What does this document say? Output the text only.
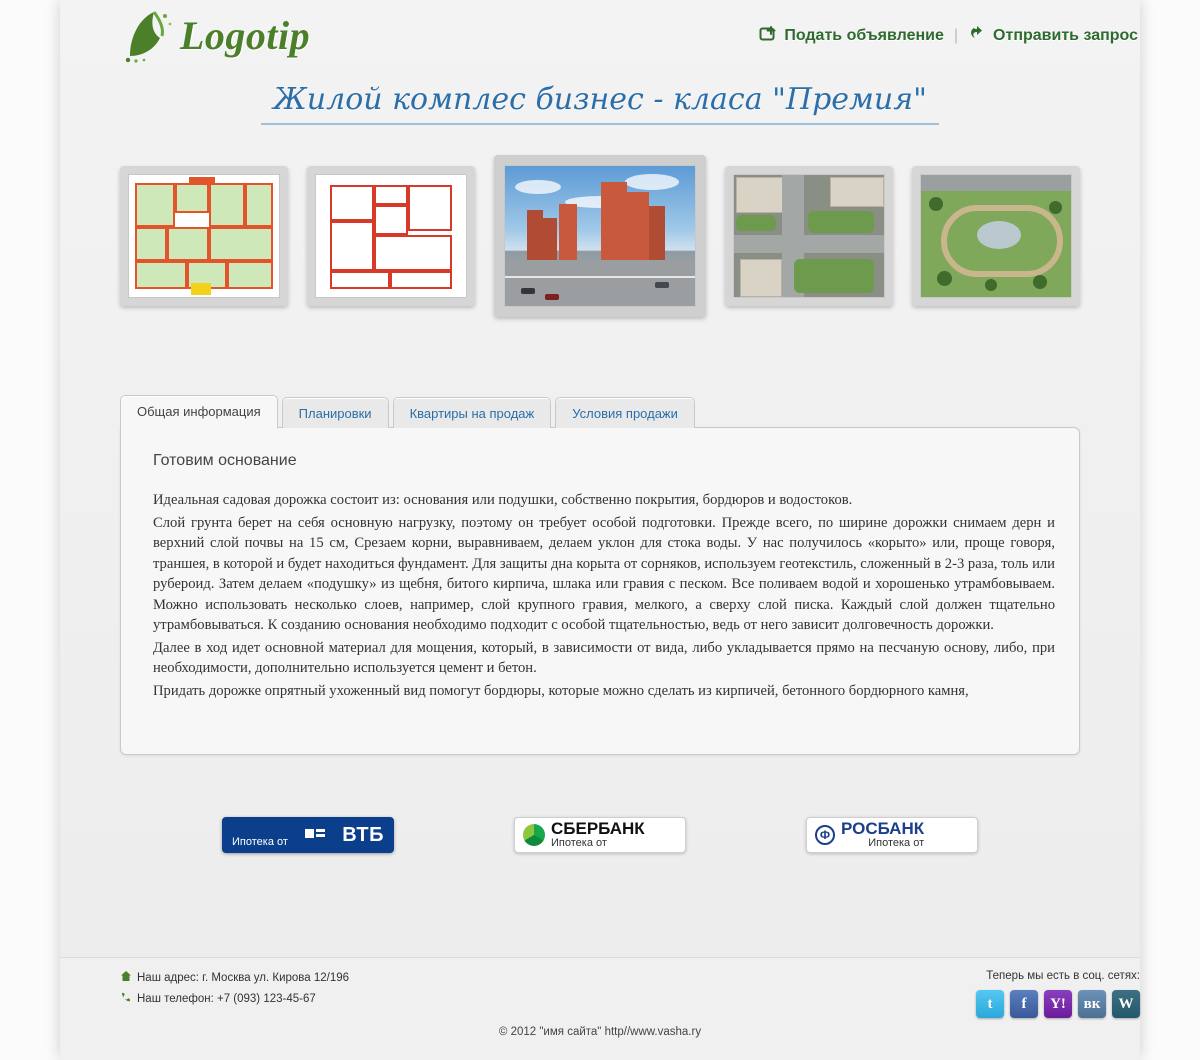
Logotip	Подать объявление | Отправить запрос
Жилой комплес бизнес - класа "Премия"
Общая информация	Планировки	Квартиры на продаж	Условия продажи
Готовим основание

Идеальная садовая дорожка состоит из: основания или подушки, собственно покрытия, бордюров и водостоков.

Слой грунта берет на себя основную нагрузку, поэтому он требует особой подготовки. Прежде всего, по ширине дорожки снимаем дерн и верхний слой почвы на 15 см, Срезаем корни, выравниваем, делаем уклон для стока воды. У нас получилось «корыто» или, проще говоря, траншея, в которой и будет находиться фундамент. Для защиты дна корыта от сорняков, используем геотекстиль, сложенный в 2-3 раза, толь или рубероид. Затем делаем «подушку» из щебня, битого кирпича, шлака или гравия с песком. Все поливаем водой и хорошенько утрамбовываем. Можно использовать несколько слоев, например, слой крупного гравия, мелкого, а сверху слой писка. Каждый слой должен тщательно утрамбовываться. К созданию основания необходимо подходит с особой тщательностью, ведь от него зависит долговечность дорожки.

Далее в ход идет основной материал для мощения, который, в зависимости от вида, либо укладывается прямо на песчаную основу, либо, при необходимости, дополнительно используется цемент и бетон.

Придать дорожке опрятный ухоженный вид помогут бордюры, которые можно сделать из кирпичей, бетонного бордюрного камня,

Ипотека от	ВТБ	СБЕРБАНК
Ипотека от
Ф РОСБАНК
Ипотека от
Наш адрес: г. Москва ул. Кирова 12/196
Наш телефон: +7 (093) 123-45-67
Теперь мы есть в соц. сетях:
t	f	Y!	вк	W
© 2012 "имя сайта" http//www.vasha.ry
